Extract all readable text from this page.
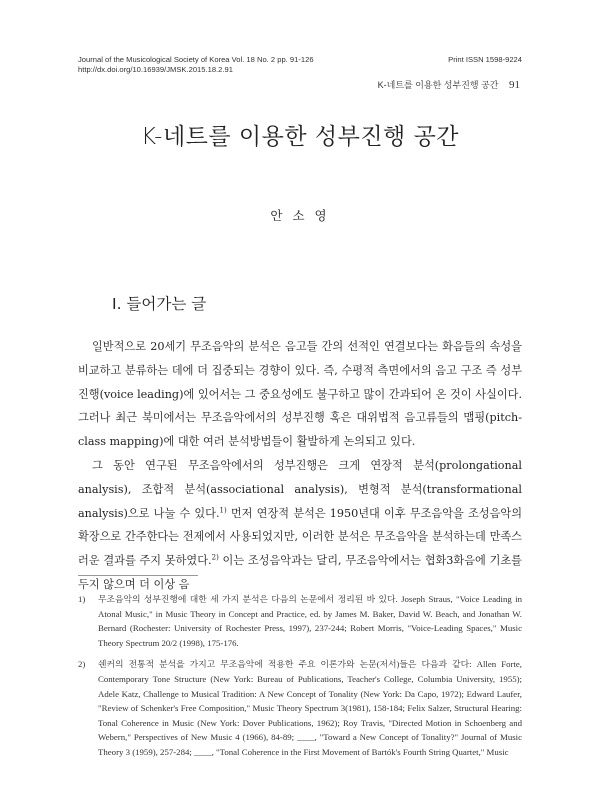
Journal of the Musicological Society of Korea Vol. 18 No. 2 pp. 91-126
http://dx.doi.org/10.16939/JMSK.2015.18.2.91
Print ISSN 1598-9224
K-네트를 이용한 성부진행 공간 91
K-네트를 이용한 성부진행 공간
안 소 영
I. 들어가는 글

일반적으로 20세기 무조음악의 분석은 음고들 간의 선적인 연결보다는 화음들의 속성을 비교하고 분류하는 데에 더 집중되는 경향이 있다. 즉, 수평적 측면에서의 음고 구조 즉 성부진행(voice leading)에 있어서는 그 중요성에도 불구하고 많이 간과되어 온 것이 사실이다. 그러나 최근 북미에서는 무조음악에서의 성부진행 혹은 대위법적 음고류들의 맵핑(pitch-class mapping)에 대한 여러 분석방법들이 활발하게 논의되고 있다.

그 동안 연구된 무조음악에서의 성부진행은 크게 연장적 분석(prolongational analysis), 조합적 분석(associational analysis), 변형적 분석(transformational analysis)으로 나눌 수 있다.$^{1)}$ 먼저 연장적 분석은 1950년대 이후 무조음악을 조성음악의 확장으로 간주한다는 전제에서 사용되었지만, 이러한 분석은 무조음악을 분석하는데 만족스러운 결과를 주지 못하였다.$^{2)}$ 이는 조성음악과는 달리, 무조음악에서는 협화3화음에 기초를 두지 않으며 더 이상 음

1)	무조음악의 성부진행에 대한 세 가지 분석은 다음의 논문에서 정리된 바 있다. Joseph Straus, "Voice Leading in Atonal Music," in Music Theory in Concept and Practice, ed. by James M. Baker, David W. Beach, and Jonathan W. Bernard (Rochester: University of Rochester Press, 1997), 237-244; Robert Morris, "Voice-Leading Spaces," Music Theory Spectrum 20/2 (1998), 175-176.
2)	쉔커의 전통적 분석을 가지고 무조음악에 적용한 주요 이론가와 논문(저서)들은 다음과 같다: Allen Forte, Contemporary Tone Structure (New York: Bureau of Publications, Teacher's College, Columbia University, 1955); Adele Katz, Challenge to Musical Tradition: A New Concept of Tonality (New York: Da Capo, 1972); Edward Laufer, "Review of Schenker's Free Composition," Music Theory Spectrum 3(1981), 158-184; Felix Salzer, Structural Hearing: Tonal Coherence in Music (New York: Dover Publications, 1962); Roy Travis, "Directed Motion in Schoenberg and Webern," Perspectives of New Music 4 (1966), 84-89; ____, "Toward a New Concept of Tonality?" Journal of Music Theory 3 (1959), 257-284; ____, "Tonal Coherence in the First Movement of Bartók's Fourth String Quartet," Music
